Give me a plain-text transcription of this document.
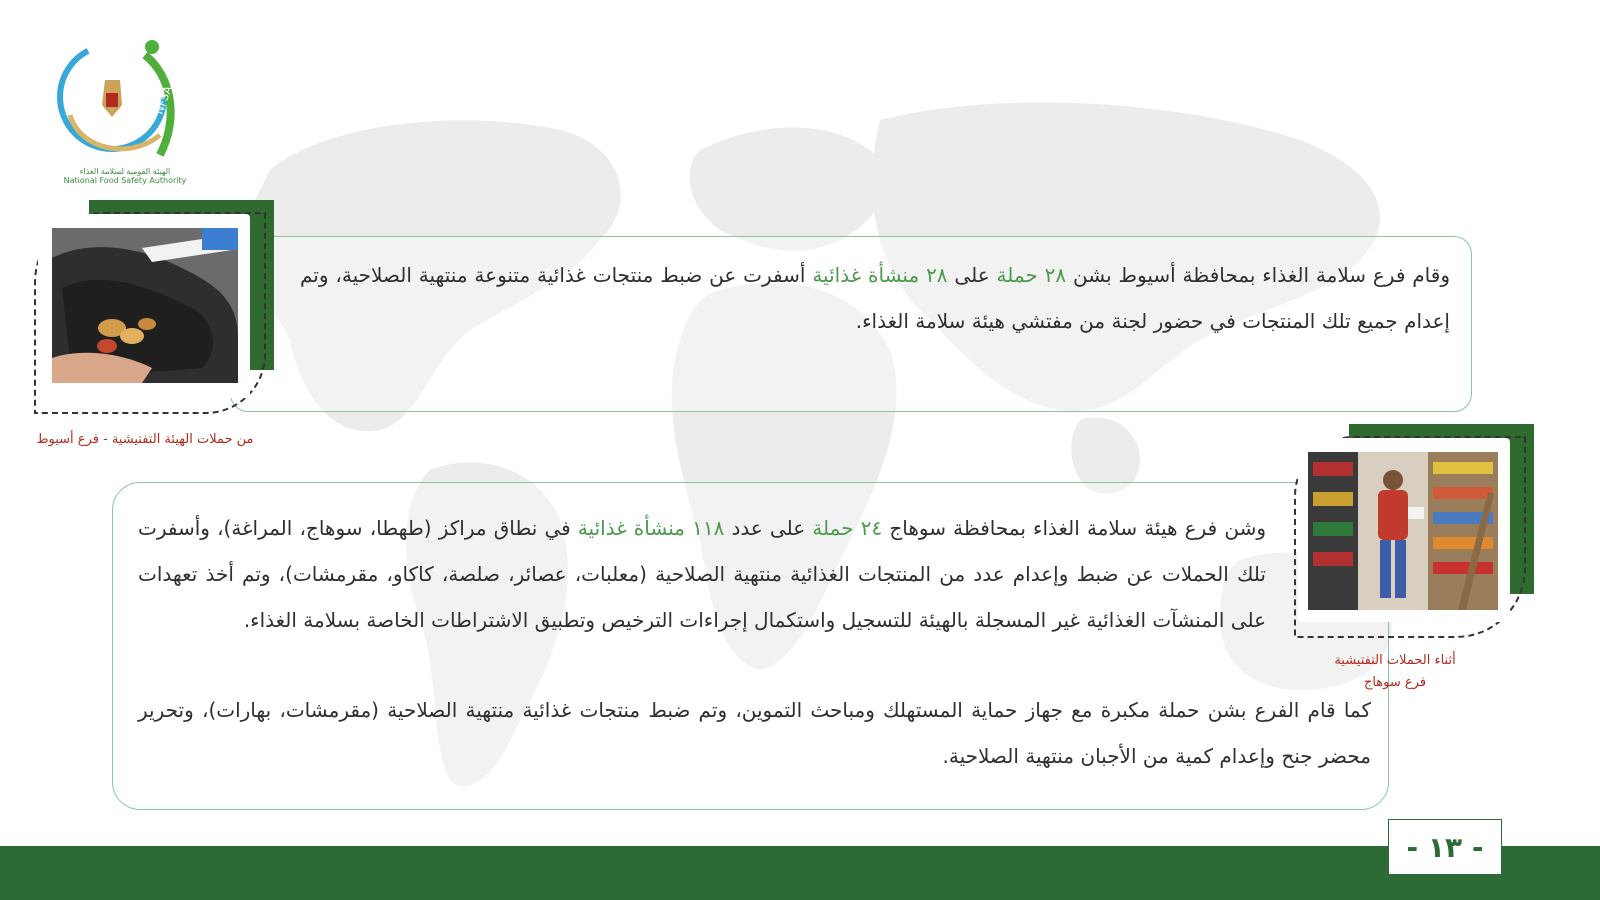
NFSA
الهيئة القومية لسلامة الغذاء
National Food Safety Authority
وقام فرع سلامة الغذاء بمحافظة أسيوط بشن ٢٨ حملة على ٢٨ منشأة غذائية أسفرت عن ضبط منتجات غذائية متنوعة منتهية الصلاحية، وتم إعدام جميع تلك المنتجات في حضور لجنة من مفتشي هيئة سلامة الغذاء.
من حملات الهيئة التفتيشية - فرع أسيوط
وشن فرع هيئة سلامة الغذاء بمحافظة سوهاج ٢٤ حملة على عدد ١١٨ منشأة غذائية في نطاق مراكز (طهطا، سوهاج، المراغة)، وأسفرت تلك الحملات عن ضبط وإعدام عدد من المنتجات الغذائية منتهية الصلاحية (معلبات، عصائر، صلصة، كاكاو، مقرمشات)، وتم أخذ تعهدات على المنشآت الغذائية غير المسجلة بالهيئة للتسجيل واستكمال إجراءات الترخيص وتطبيق الاشتراطات الخاصة بسلامة الغذاء.
كما قام الفرع بشن حملة مكبرة مع جهاز حماية المستهلك ومباحث التموين، وتم ضبط منتجات غذائية منتهية الصلاحية (مقرمشات، بهارات)، وتحرير محضر جنح وإعدام كمية من الأجبان منتهية الصلاحية.
أثناء الحملات التفتيشية
فرع سوهاج
- ١٣ -
